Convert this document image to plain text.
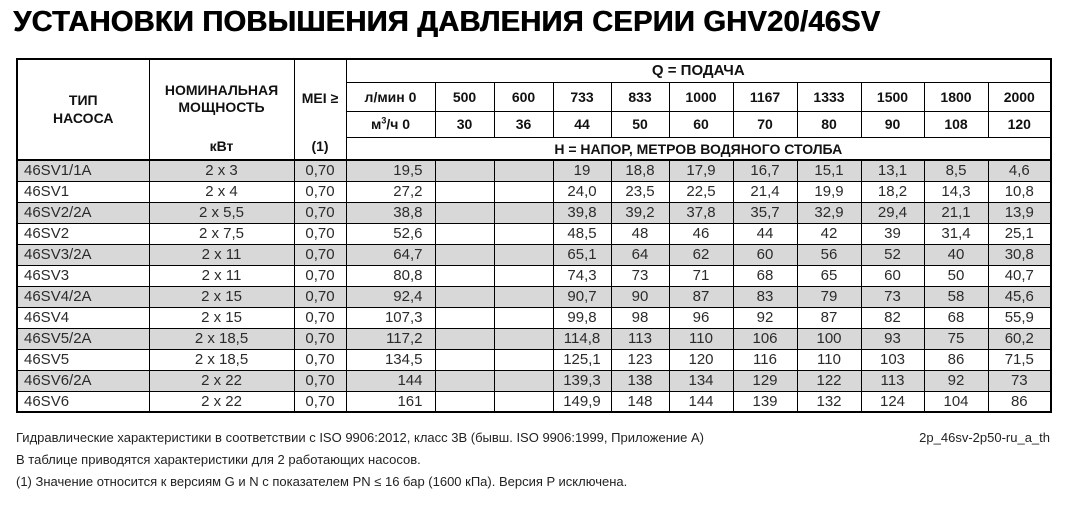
УСТАНОВКИ ПОВЫШЕНИЯ ДАВЛЕНИЯ СЕРИИ GHV20/46SV
ТИП
НАСОСА

НОМИНАЛЬНАЯ
МОЩНОСТЬ
кВт

MEI ≥
(1)
	Q = ПОДАЧА
			л/мин 0	500	600	733	833	1000	1167	1333	1500	1800	2000
			$м^3/ч$ 0	30	36	44	50	60	70	80	90	108	120
			Н = НАПОР, МЕТРОВ ВОДЯНОГО СТОЛБА										
46SV1/1A	2 x 3	0,70	19,5			19	18,8	17,9	16,7	15,1	13,1	8,5	4,6
46SV1	2 x 4	0,70	27,2			24,0	23,5	22,5	21,4	19,9	18,2	14,3	10,8
46SV2/2A	2 x 5,5	0,70	38,8			39,8	39,2	37,8	35,7	32,9	29,4	21,1	13,9
46SV2	2 x 7,5	0,70	52,6			48,5	48	46	44	42	39	31,4	25,1
46SV3/2A	2 x 11	0,70	64,7			65,1	64	62	60	56	52	40	30,8
46SV3	2 x 11	0,70	80,8			74,3	73	71	68	65	60	50	40,7
46SV4/2A	2 x 15	0,70	92,4			90,7	90	87	83	79	73	58	45,6
46SV4	2 x 15	0,70	107,3			99,8	98	96	92	87	82	68	55,9
46SV5/2A	2 x 18,5	0,70	117,2			114,8	113	110	106	100	93	75	60,2
46SV5	2 x 18,5	0,70	134,5			125,1	123	120	116	110	103	86	71,5
46SV6/2A	2 x 22	0,70	144			139,3	138	134	129	122	113	92	73
46SV6	2 x 22	0,70	161			149,9	148	144	139	132	124	104	86
Гидравлические характеристики в соответствии с ISO 9906:2012, класс 3В (бывш. ISO 9906:1999, Приложение A)	2p_46sv-2p50-ru_a_th
В таблице приводятся характеристики для 2 работающих насосов.
(1) Значение относится к версиям G и N с показателем PN ≤ 16 бар (1600 кПа). Версия P исключена.
